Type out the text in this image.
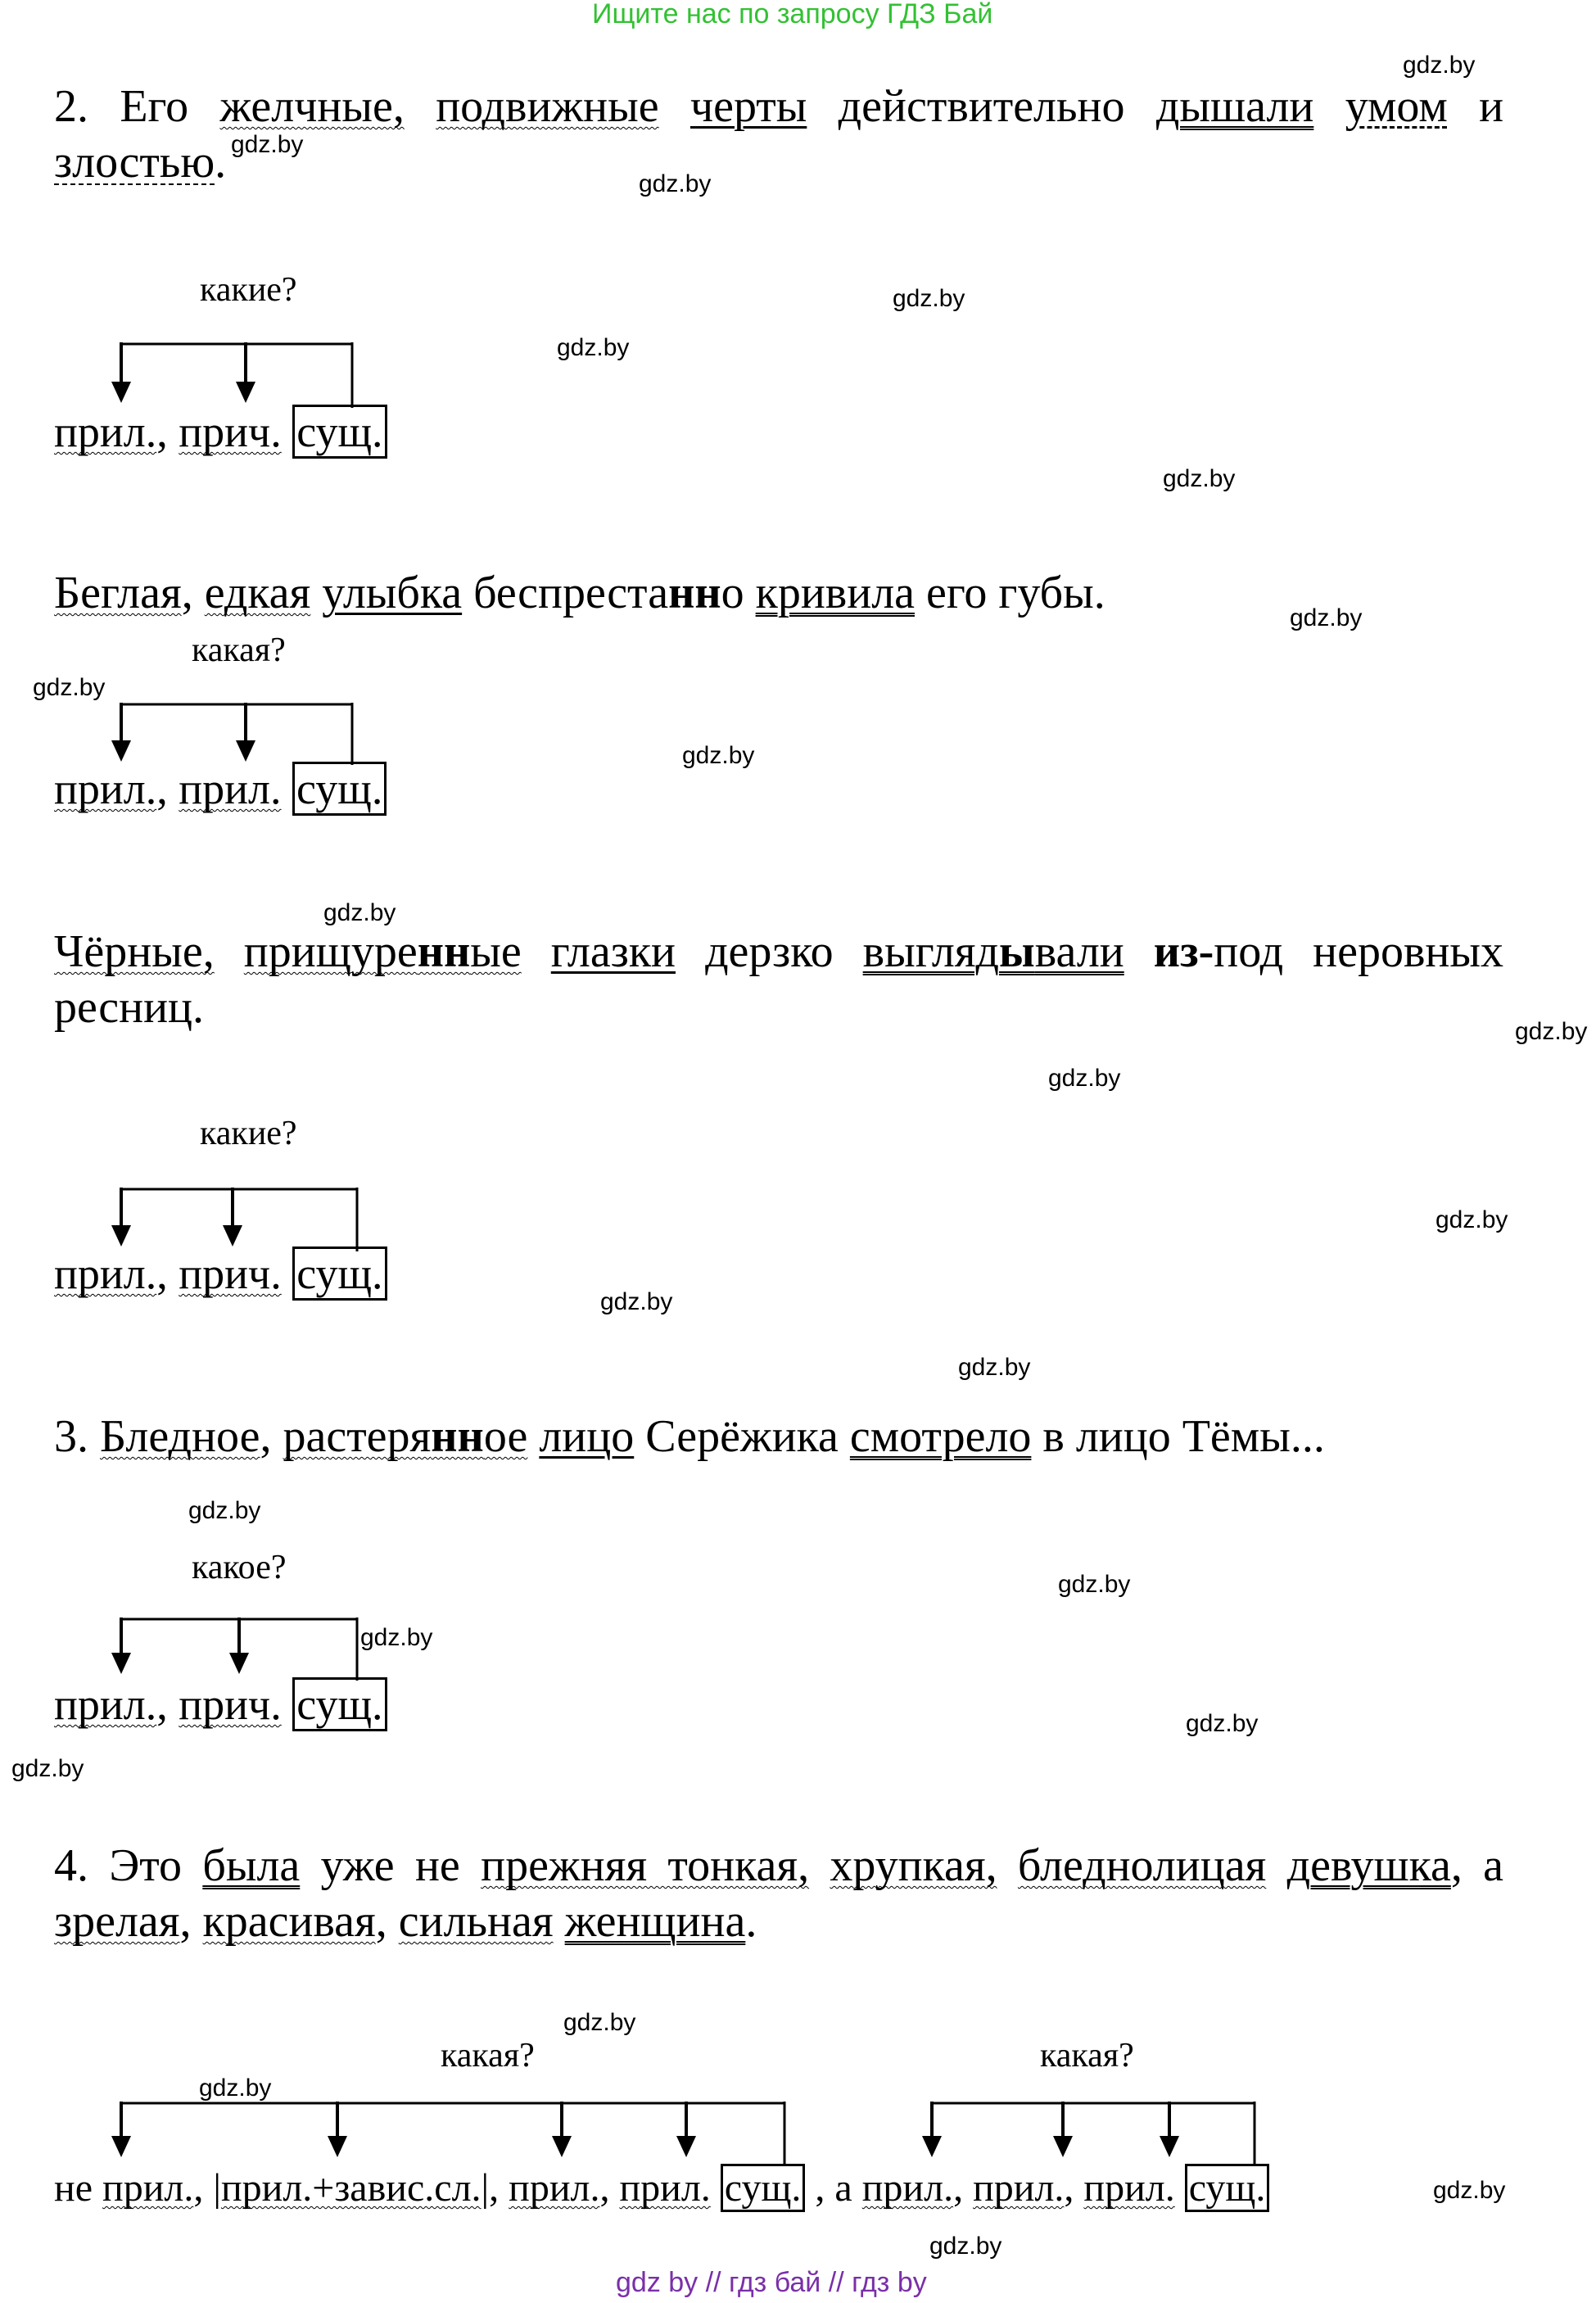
Ищите нас по запросу ГДЗ Бай
gdz by // гдз бай // гдз by
gdz.by
gdz.by
gdz.by
gdz.by
gdz.by
gdz.by
gdz.by
gdz.by
gdz.by
gdz.by
gdz.by
gdz.by
gdz.by
gdz.by
gdz.by
gdz.by
gdz.by
gdz.by
gdz.by
gdz.by
gdz.by
gdz.by
gdz.by
gdz.by
2. Его желчные, подвижные черты действительно дышали умом и
злостью.
какие?
прил., прич. сущ.
Беглая, едкая улыбка беспрестанно кривила его губы.
какая?
прил., прил. сущ.
Чёрные, прищуренные глазки дерзко выглядывали из-под неровных
ресниц.
какие?
прил., прич. сущ.
3. Бледное, растерянное лицо Серёжика смотрело в лицо Тёмы...
какое?
прил., прич. сущ.
4. Это была уже не прежняя тонкая, хрупкая, бледнолицая девушка, а
зрелая, красивая, сильная женщина.
какая?	какая?
не прил., |прил.+завис.сл.|, прил., прил. сущ. , а прил., прил., прил. сущ.
